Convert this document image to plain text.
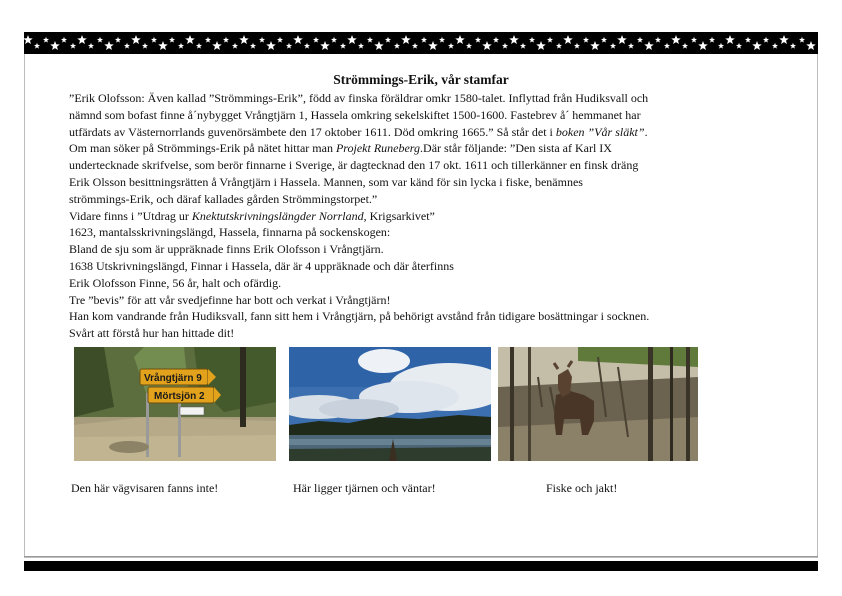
Strömmings-Erik, vår stamfar

”Erik Olofsson: Även kallad ”Strömmings-Erik”, född av finska föräldrar omkr 1580-talet. Inflyttad från Hudiksvall och

nämnd som bofast finne å´nybygget Vrångtjärn 1, Hassela omkring sekelskiftet 1500-1600. Fastebrev å´ hemmanet har

utfärdats av Västernorrlands guvenörsämbete den 17 oktober 1611. Död omkring 1665.” Så står det i boken ”Vår släkt”.

Om man söker på Strömmings-Erik på nätet hittar man Projekt Runeberg.Där står följande: ”Den sista af Karl IX

undertecknade skrifvelse, som berör finnarne i Sverige, är dagtecknad den 17 okt. 1611 och tillerkänner en finsk dräng

Erik Olsson besittningsrätten å Vrångtjärn i Hassela. Mannen, som var känd för sin lycka i fiske, benämnes

strömmings-Erik, och däraf kallades gården Strömmingstorpet.”

Vidare finns i ”Utdrag ur Knektutskrivningslängder Norrland, Krigsarkivet”

1623, mantalsskrivningslängd, Hassela, finnarna på sockenskogen:

Bland de sju som är uppräknade finns Erik Olofsson i Vrångtjärn.

1638 Utskrivningslängd, Finnar i Hassela, där är 4 uppräknade och där återfinns

Erik Olofsson Finne, 56 år, halt och ofärdig.

Tre ”bevis” för att vår svedjefinne har bott och verkat i Vrångtjärn!

Han kom vandrande från Hudiksvall, fann sitt hem i Vrångtjärn, på behörigt avstånd från tidigare bosättningar i socknen.

Svårt att förstå hur han hittade dit!

Vrångtjärn 9
Mörtsjön 2
Den här vägvisaren fanns inte!	Här ligger tjärnen och väntar!	Fiske och jakt!
